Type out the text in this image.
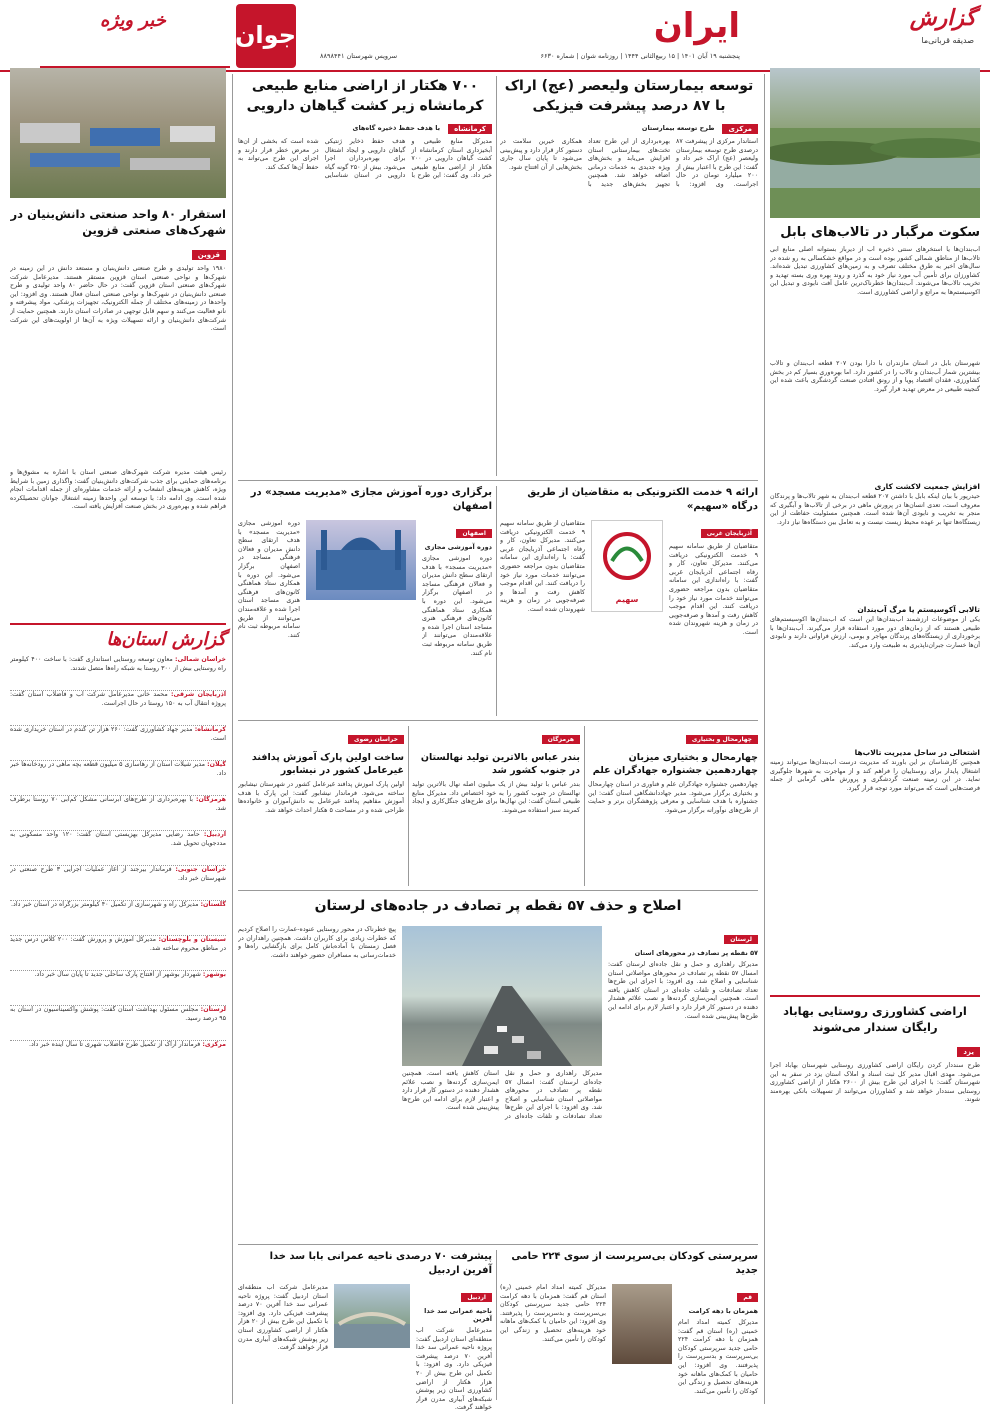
گزارش
صدیقه قربانی‌ما
ایران
پنجشنبه ۱۹ آبان ۱۴۰۱ | ۱۵ ربیع‌الثانی ۱۴۴۴ | روزنامه شوان | شماره ۶۶۳۰
سرویس شهرستان ۸۸۹۸۴۴۱
جوان
خبر ویژه
سکوت مرگبار در تالاب‌های بابل

آب‌بندان‌ها یا استخرهای سنتی ذخیره آب از دیرباز بستوانه اصلی منابع آبی تالاب‌ها از مناطق شمالی کشور بوده است و در مواقع خشکسالی به رو شده در سال‌های اخیر به طرق مختلف تصرف و به زمین‌های کشاورزی تبدیل شده‌اند. کشاورزان برای تأمین آب مورد نیاز خود به گذرد و روند بهره وری بسته تهدید و تخریب تالاب‌ها می‌شوند. آب‌بندان‌ها خطرناک‌ترین عامل آفت نابودی و تبدیل این اکوسیستم‌ها به مراتع و اراضی کشاورزی است.

شهرستان بابل در استان مازندران با دارا بودن ۲۰۷ قطعه آب‌بندان و تالاب بیشترین شمار آب‌بندان و تالاب را در کشور دارد. اما بهره‌وری بسیار کم در بخش کشاورزی، فقدان اقتصاد پویا و از رونق افتادن صنعت گردشگری باعث شده این گنجینه طبیعی در معرض تهدید قرار گیرد.

افزایش جمعیت لاکشت کاری

حیدرپور با بیان اینکه بابل با داشتن ۲۰۷ قطعه آب‌بندان به شهر تالاب‌ها و پرندگان معروف است، تعدی انسان‌ها در پرورش ماهی در برخی از تالاب‌ها و آبگیری که منجر به تخریب و نابودی آن‌ها شده است. همچنین مسئولیت حفاظت از این زیستگاه‌ها تنها بر عهده محیط زیست نیست و به تعامل بین دستگاه‌ها نیاز دارد.

تالابی آکوسیستم یا مرگ آب‌بندان

یکی از موضوعات ارزشمند آب‌بندان‌ها این است که آب‌بندان‌ها اکوسیستم‌های طبیعی هستند که از زمان‌های دور مورد استفاده قرار می‌گیرند. آب‌بندان‌ها با برخورداری از زیستگاه‌های پرندگان مهاجر و بومی، ارزش فراوانی دارند و نابودی آن‌ها خسارت جبران‌ناپذیری به طبیعت وارد می‌کند.

اشتغالی در ساحل مدیریت تالاب‌ها

همچنین کارشناسان بر این باورند که مدیریت درست آب‌بندان‌ها می‌تواند زمینه اشتغال پایدار برای روستاییان را فراهم کند و از مهاجرت به شهرها جلوگیری نماید. در این زمینه صنعت گردشگری و پرورش ماهی گرمابی از جمله فرصت‌هایی است که می‌تواند مورد توجه قرار گیرد.

اراضی کشاورزی روستایی بهاباد رایگان سندار می‌شوند
یزد

طرح سنددار کردن رایگان اراضی کشاورزی روستایی شهرستان بهاباد اجرا می‌شود. مهدی اقبال مدیر کل ثبت اسناد و املاک استان یزد در سفر به این شهرستان گفت: با اجرای این طرح بیش از ۲۶۰۰ هکتار از اراضی کشاورزی روستایی سنددار خواهد شد و کشاورزان می‌توانند از تسهیلات بانکی بهره‌مند شوند.

توسعه بیمارستان ولیعصر (عج) اراک با ۸۷ درصد پیشرفت فیزیکی
مرکزی
طرح توسعه بیمارستان

استاندار مرکزی از پیشرفت ۸۷ درصدی طرح توسعه بیمارستان ولیعصر (عج) اراک خبر داد و گفت: این طرح با اعتبار بیش از ۲۰۰ میلیارد تومان در حال اجراست. وی افزود: با بهره‌برداری از این طرح تعداد تخت‌های بیمارستانی استان افزایش می‌یابد و بخش‌های ویژه جدیدی به خدمات درمانی اضافه خواهد شد. همچنین تجهیز بخش‌های جدید با همکاری خیرین سلامت در دستور کار قرار دارد و پیش‌بینی می‌شود تا پایان سال جاری بخش‌هایی از آن افتتاح شود.

۷۰۰ هکتار از اراضی منابع طبیعی کرمانشاه زیر کشت گیاهان دارویی
کرمانشاه
با هدف حفظ ذخیره گاه‌های

مدیرکل منابع طبیعی و آبخیزداری استان کرمانشاه از کشت گیاهان دارویی در ۷۰۰ هکتار از اراضی منابع طبیعی خبر داد. وی گفت: این طرح با هدف حفظ ذخایر ژنتیکی گیاهان دارویی و ایجاد اشتغال برای بهره‌برداران اجرا می‌شود. بیش از ۲۵۰ گونه گیاه دارویی در استان شناسایی شده است که بخشی از آن‌ها در معرض خطر قرار دارند و اجرای این طرح می‌تواند به حفظ آن‌ها کمک کند.

ارائه ۹ خدمت الکترونیکی به متقاضیان از طریق درگاه «سهیم»
آذربایجان غربی

متقاضیان از طریق سامانه سهیم ۹ خدمت الکترونیکی دریافت می‌کنند. مدیرکل تعاون، کار و رفاه اجتماعی آذربایجان غربی گفت: با راه‌اندازی این سامانه متقاضیان بدون مراجعه حضوری می‌توانند خدمات مورد نیاز خود را دریافت کنند. این اقدام موجب کاهش رفت و آمدها و صرفه‌جویی در زمان و هزینه شهروندان شده است.

سهیم

متقاضیان از طریق سامانه سهیم ۹ خدمت الکترونیکی دریافت می‌کنند. مدیرکل تعاون، کار و رفاه اجتماعی آذربایجان غربی گفت: با راه‌اندازی این سامانه متقاضیان بدون مراجعه حضوری می‌توانند خدمات مورد نیاز خود را دریافت کنند. این اقدام موجب کاهش رفت و آمدها و صرفه‌جویی در زمان و هزینه شهروندان شده است.

برگزاری دوره آموزش مجازی «مدیریت مسجد» در اصفهان
اصفهان
دوره آموزشی مجازی

دوره آموزشی مجازی «مدیریت مسجد» با هدف ارتقای سطح دانش مدیران و فعالان فرهنگی مساجد در اصفهان برگزار می‌شود. این دوره با همکاری ستاد هماهنگی کانون‌های فرهنگی هنری مساجد استان اجرا شده و علاقه‌مندان می‌توانند از طریق سامانه مربوطه ثبت نام کنند.

دوره آموزشی مجازی «مدیریت مسجد» با هدف ارتقای سطح دانش مدیران و فعالان فرهنگی مساجد در اصفهان برگزار می‌شود. این دوره با همکاری ستاد هماهنگی کانون‌های فرهنگی هنری مساجد استان اجرا شده و علاقه‌مندان می‌توانند از طریق سامانه مربوطه ثبت نام کنند.

چهارمحال و بختیاری
چهارمحال و بختیاری میزبان چهاردهمین جشنواره جهادگران علم

چهاردهمین جشنواره جهادگران علم و فناوری در استان چهارمحال و بختیاری برگزار می‌شود. مدیر جهاددانشگاهی استان گفت: این جشنواره با هدف شناسایی و معرفی پژوهشگران برتر و حمایت از طرح‌های نوآورانه برگزار می‌شود.

هرمزگان
بندر عباس بالاترین تولید نهالستان در جنوب کشور شد

بندر عباس با تولید بیش از یک میلیون اصله نهال بالاترین تولید نهالستان در جنوب کشور را به خود اختصاص داد. مدیرکل منابع طبیعی استان گفت: این نهال‌ها برای طرح‌های جنگل‌کاری و ایجاد کمربند سبز استفاده می‌شوند.

خراسان رضوی
ساخت اولین پارک آموزش پدافند غیرعامل کشور در نیشابور

اولین پارک آموزش پدافند غیرعامل کشور در شهرستان نیشابور ساخته می‌شود. فرماندار نیشابور گفت: این پارک با هدف آموزش مفاهیم پدافند غیرعامل به دانش‌آموزان و خانواده‌ها طراحی شده و در مساحت ۵ هکتار احداث خواهد شد.

اصلاح و حذف ۵۷ نقطه پر تصادف در جاده‌های لرستان
لرستان
۵۷ نقطه پر تصادف در محورهای استان

مدیرکل راهداری و حمل و نقل جاده‌ای لرستان گفت: امسال ۵۷ نقطه پر تصادف در محورهای مواصلاتی استان شناسایی و اصلاح شد. وی افزود: با اجرای این طرح‌ها تعداد تصادفات و تلفات جاده‌ای در استان کاهش یافته است. همچنین ایمن‌سازی گردنه‌ها و نصب علائم هشدار دهنده در دستور کار قرار دارد و اعتبار لازم برای ادامه این طرح‌ها پیش‌بینی شده است.

مدیرکل راهداری و حمل و نقل جاده‌ای لرستان گفت: امسال ۵۷ نقطه پر تصادف در محورهای مواصلاتی استان شناسایی و اصلاح شد. وی افزود: با اجرای این طرح‌ها تعداد تصادفات و تلفات جاده‌ای در استان کاهش یافته است. همچنین ایمن‌سازی گردنه‌ها و نصب علائم هشدار دهنده در دستور کار قرار دارد و اعتبار لازم برای ادامه این طرح‌ها پیش‌بینی شده است.

پیچ خطرناک در محور روستایی عنوده-عمارت را اصلاح کردیم که خطرات زیادی برای کاربران داشت. همچنین راهداران در فصل زمستان با آماده‌باش کامل برای بازگشایی راه‌ها و خدمات‌رسانی به مسافران حضور خواهند داشت.

سرپرستی کودکان بی‌سرپرست از سوی ۲۲۴ حامی جدید
قم
همزمان با دهه کرامت

مدیرکل کمیته امداد امام خمینی (ره) استان قم گفت: همزمان با دهه کرامت ۲۲۴ حامی جدید سرپرستی کودکان بی‌سرپرست و بدسرپرست را پذیرفتند. وی افزود: این حامیان با کمک‌های ماهانه خود هزینه‌های تحصیل و زندگی این کودکان را تأمین می‌کنند.

مدیرکل کمیته امداد امام خمینی (ره) استان قم گفت: همزمان با دهه کرامت ۲۲۴ حامی جدید سرپرستی کودکان بی‌سرپرست و بدسرپرست را پذیرفتند. وی افزود: این حامیان با کمک‌های ماهانه خود هزینه‌های تحصیل و زندگی این کودکان را تأمین می‌کنند.

پیشرفت ۷۰ درصدی ناحیه عمرانی بابا سد خدا آفرین اردبیل
اردبیل
ناحیه عمرانی سد خدا آفرین

مدیرعامل شرکت آب منطقه‌ای استان اردبیل گفت: پروژه ناحیه عمرانی سد خدا آفرین ۷۰ درصد پیشرفت فیزیکی دارد. وی افزود: با تکمیل این طرح بیش از ۲۰ هزار هکتار از اراضی کشاورزی استان زیر پوشش شبکه‌های آبیاری مدرن قرار خواهند گرفت.

مدیرعامل شرکت آب منطقه‌ای استان اردبیل گفت: پروژه ناحیه عمرانی سد خدا آفرین ۷۰ درصد پیشرفت فیزیکی دارد. وی افزود: با تکمیل این طرح بیش از ۲۰ هزار هکتار از اراضی کشاورزی استان زیر پوشش شبکه‌های آبیاری مدرن قرار خواهند گرفت.

استقرار ۸۰ واحد صنعتی دانش‌بنیان در شهرک‌های صنعتی قزوین
قزوین

۱۹۸۰ واحد تولیدی و طرح صنعتی دانش‌بنیان و مستعد دانش در این زمینه در شهرک‌ها و نواحی صنعتی استان قزوین مستقر هستند. مدیرعامل شرکت شهرک‌های صنعتی استان قزوین گفت: در حال حاضر ۸۰ واحد تولیدی و طرح صنعتی دانش‌بنیان در شهرک‌ها و نواحی صنعتی استان فعال هستند. وی افزود: این واحدها در زمینه‌های مختلف از جمله الکترونیک، تجهیزات پزشکی، مواد پیشرفته و نانو فعالیت می‌کنند و سهم قابل توجهی در صادرات استان دارند. همچنین حمایت از شرکت‌های دانش‌بنیان و ارائه تسهیلات ویژه به آن‌ها از اولویت‌های این شرکت است.

رئیس هیئت مدیره شرکت شهرک‌های صنعتی استان با اشاره به مشوق‌ها و برنامه‌های حمایتی برای جذب شرکت‌های دانش‌بنیان گفت: واگذاری زمین با شرایط ویژه، کاهش هزینه‌های انشعاب و ارائه خدمات مشاوره‌ای از جمله اقدامات انجام شده است. وی ادامه داد: با توسعه این واحدها زمینه اشتغال جوانان تحصیلکرده فراهم شده و بهره‌وری در بخش صنعت افزایش یافته است.

گزارش استان‌ها
خراسان شمالی: معاون توسعه روستایی استانداری گفت: با ساخت ۴۰۰ کیلومتر راه روستایی بیش از ۳۰۰ روستا به شبکه راه‌ها متصل شدند.
آذربایجان شرقی: محمد خانی مدیرعامل شرکت آب و فاضلاب استان گفت: پروژه انتقال آب به ۱۵۰ روستا در حال اجراست.
کرمانشاه: مدیر جهاد کشاورزی گفت: ۲۶۰ هزار تن گندم در استان خریداری شده است.
گیلان: مدیر شیلات استان از رهاسازی ۵ میلیون قطعه بچه ماهی در رودخانه‌ها خبر داد.
هرمزگان: با بهره‌برداری از طرح‌های آبرسانی مشکل کم‌آبی ۷۰ روستا برطرف شد.
اردبیل: حامد رضایی مدیرکل بهزیستی استان گفت: ۱۲۰ واحد مسکونی به مددجویان تحویل شد.
خراسان جنوبی: فرماندار بیرجند از آغاز عملیات اجرایی ۳ طرح صنعتی در شهرستان خبر داد.
گلستان: مدیرکل راه و شهرسازی از تکمیل ۴۰ کیلومتر بزرگراه در استان خبر داد.
سیستان و بلوچستان: مدیرکل آموزش و پرورش گفت: ۲۰۰ کلاس درس جدید در مناطق محروم ساخته شد.
بوشهر: شهردار بوشهر از افتتاح پارک ساحلی جدید تا پایان سال خبر داد.
لرستان: مجلس مسئول بهداشت استان گفت: پوشش واکسیناسیون در استان به ۹۵ درصد رسید.
مرکزی: فرماندار اراک از تکمیل طرح فاضلاب شهری تا سال آینده خبر داد.
